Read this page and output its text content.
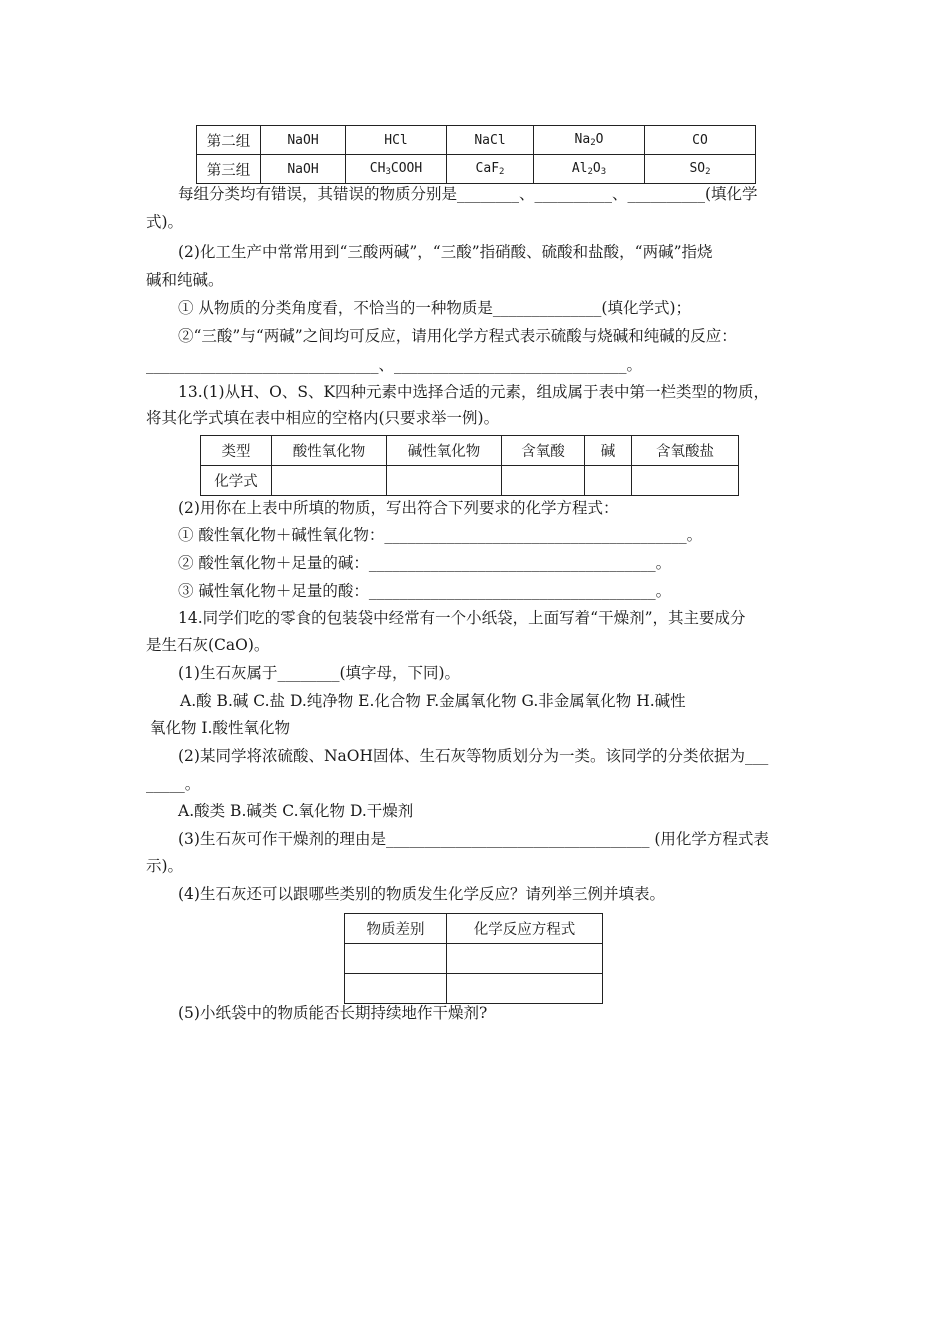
第二组	NaOH	HCl	NaCl	$Na_2O$	CO
第三组	NaOH	$CH_3COOH$	CaF$_2$	$Al_2O_3$	$SO_2$
每组分类均有错误，其错误的物质分别是________、__________、__________(填化学
式)。
(2)化工生产中常常用到“三酸两碱”，“三酸”指硝酸、硫酸和盐酸，“两碱”指烧
碱和纯碱。
① 从物质的分类角度看，不恰当的一种物质是______________(填化学式)；
②“三酸”与“两碱”之间均可反应，请用化学方程式表示硫酸与烧碱和纯碱的反应：
______________________________、______________________________。
13.(1)从H、O、S、K四种元素中选择合适的元素，组成属于表中第一栏类型的物质，
将其化学式填在表中相应的空格内(只要求举一例)。
类型	酸性氧化物	碱性氧化物	含氧酸	碱	含氧酸盐
化学式					
(2)用你在上表中所填的物质，写出符合下列要求的化学方程式：
① 酸性氧化物＋碱性氧化物：_______________________________________。
② 酸性氧化物＋足量的碱：_____________________________________。
③ 碱性氧化物＋足量的酸：_____________________________________。
14.同学们吃的零食的包装袋中经常有一个小纸袋，上面写着“干燥剂”，其主要成分
是生石灰(CaO)。
(1)生石灰属于________(填字母，下同)。
A.酸 B.碱 C.盐 D.纯净物 E.化合物 F.金属氧化物 G.非金属氧化物 H.碱性
氧化物 I.酸性氧化物
(2)某同学将浓硫酸、NaOH固体、生石灰等物质划分为一类。该同学的分类依据为___
_____。
A.酸类 B.碱类 C.氧化物 D.干燥剂
(3)生石灰可作干燥剂的理由是__________________________________ (用化学方程式表
示)。
(4)生石灰还可以跟哪些类别的物质发生化学反应？请列举三例并填表。
物质差别	化学反应方程式

(5)小纸袋中的物质能否长期持续地作干燥剂?
